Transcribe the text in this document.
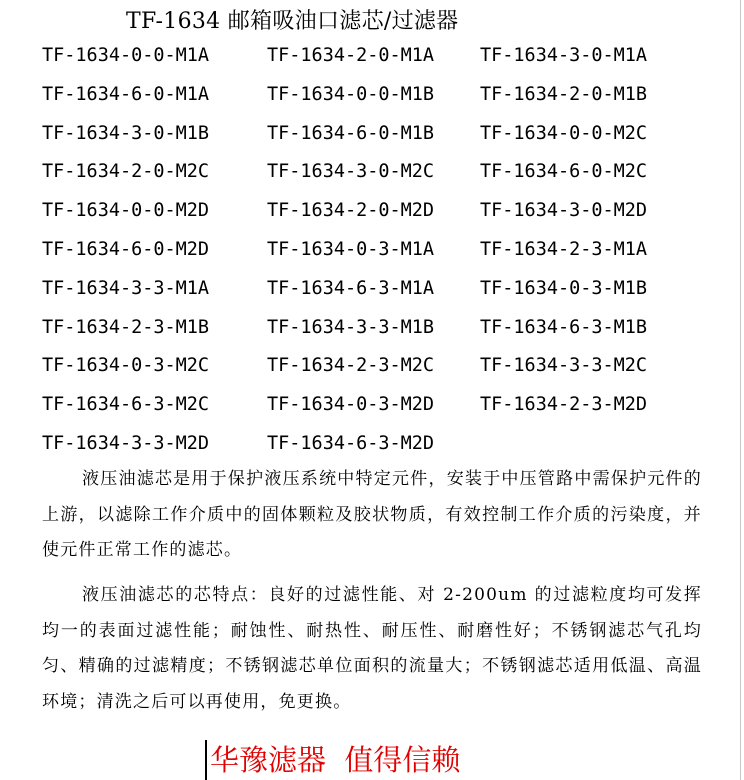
TF-1634 邮箱吸油口滤芯/过滤器
TF-1634-0-0-M1A	TF-1634-2-0-M1A	TF-1634-3-0-M1A
TF-1634-6-0-M1A	TF-1634-0-0-M1B	TF-1634-2-0-M1B
TF-1634-3-0-M1B	TF-1634-6-0-M1B	TF-1634-0-0-M2C
TF-1634-2-0-M2C	TF-1634-3-0-M2C	TF-1634-6-0-M2C
TF-1634-0-0-M2D	TF-1634-2-0-M2D	TF-1634-3-0-M2D
TF-1634-6-0-M2D	TF-1634-0-3-M1A	TF-1634-2-3-M1A
TF-1634-3-3-M1A	TF-1634-6-3-M1A	TF-1634-0-3-M1B
TF-1634-2-3-M1B	TF-1634-3-3-M1B	TF-1634-6-3-M1B
TF-1634-0-3-M2C	TF-1634-2-3-M2C	TF-1634-3-3-M2C
TF-1634-6-3-M2C	TF-1634-0-3-M2D	TF-1634-2-3-M2D
TF-1634-3-3-M2D	TF-1634-6-3-M2D

液压油滤芯是用于保护液压系统中特定元件，安装于中压管路中需保护元件的上游，以滤除工作介质中的固体颗粒及胶状物质，有效控制工作介质的污染度，并使元件正常工作的滤芯。

液压油滤芯的芯特点：良好的过滤性能、对 2-200um 的过滤粒度均可发挥均一的表面过滤性能；耐蚀性、耐热性、耐压性、耐磨性好；不锈钢滤芯气孔均匀、精确的过滤精度；不锈钢滤芯单位面积的流量大；不锈钢滤芯适用低温、高温环境；清洗之后可以再使用，免更换。

华豫滤器  值得信赖
